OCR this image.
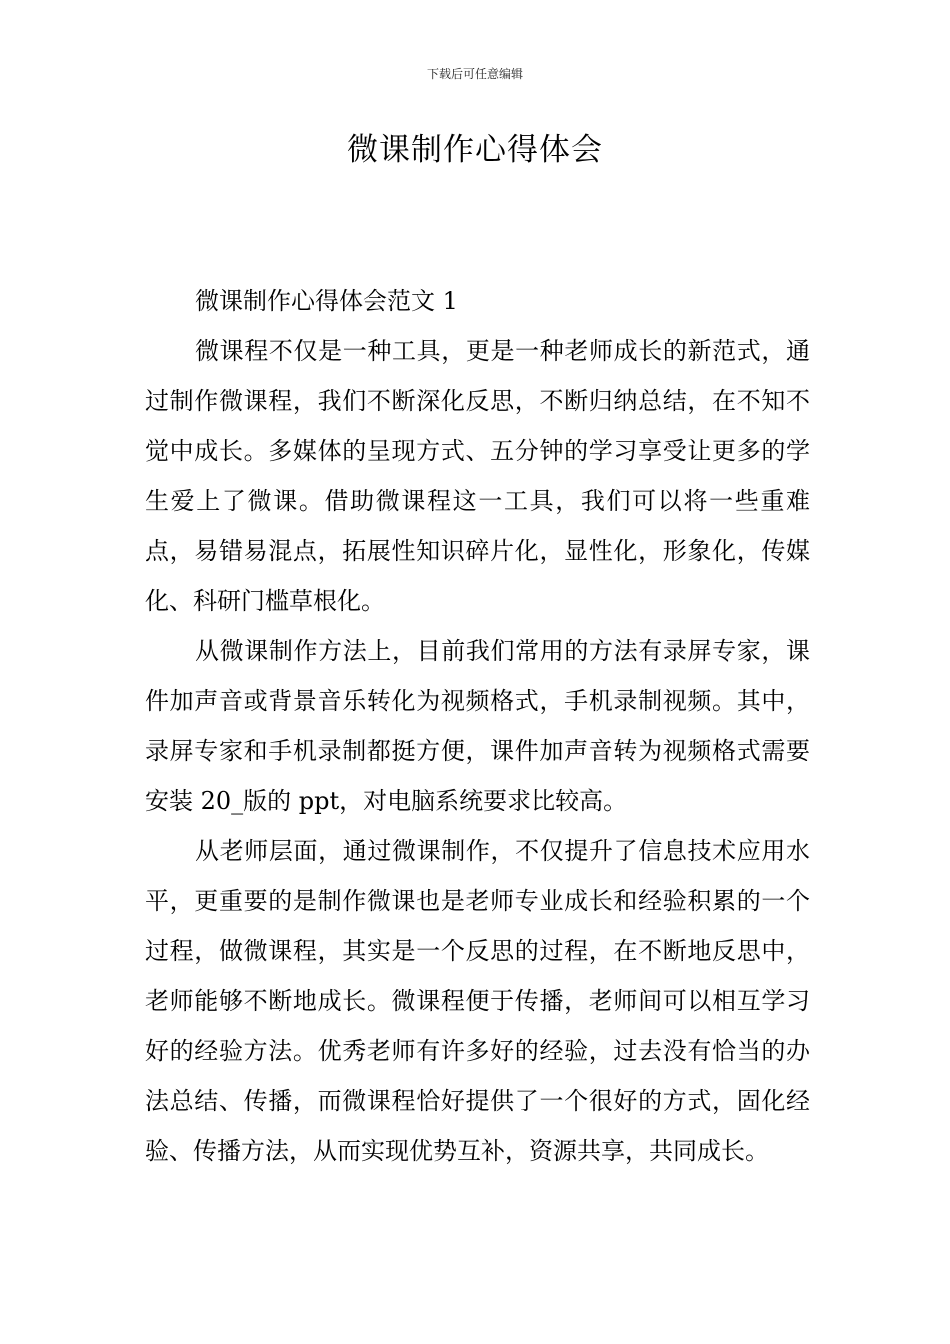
下载后可任意编辑
微课制作心得体会

微课制作心得体会范文 1

微课程不仅是一种工具，更是一种老师成长的新范式，通过制作微课程，我们不断深化反思，不断归纳总结，在不知不觉中成长。多媒体的呈现方式、五分钟的学习享受让更多的学生爱上了微课。借助微课程这一工具，我们可以将一些重难点，易错易混点，拓展性知识碎片化，显性化，形象化，传媒化、科研门槛草根化。

从微课制作方法上，目前我们常用的方法有录屏专家，课件加声音或背景音乐转化为视频格式，手机录制视频。其中，录屏专家和手机录制都挺方便，课件加声音转为视频格式需要安装 20_版的 ppt，对电脑系统要求比较高。

从老师层面，通过微课制作，不仅提升了信息技术应用水平，更重要的是制作微课也是老师专业成长和经验积累的一个过程，做微课程，其实是一个反思的过程，在不断地反思中，老师能够不断地成长。微课程便于传播，老师间可以相互学习好的经验方法。优秀老师有许多好的经验，过去没有恰当的办法总结、传播，而微课程恰好提供了一个很好的方式，固化经验、传播方法，从而实现优势互补，资源共享，共同成长。
